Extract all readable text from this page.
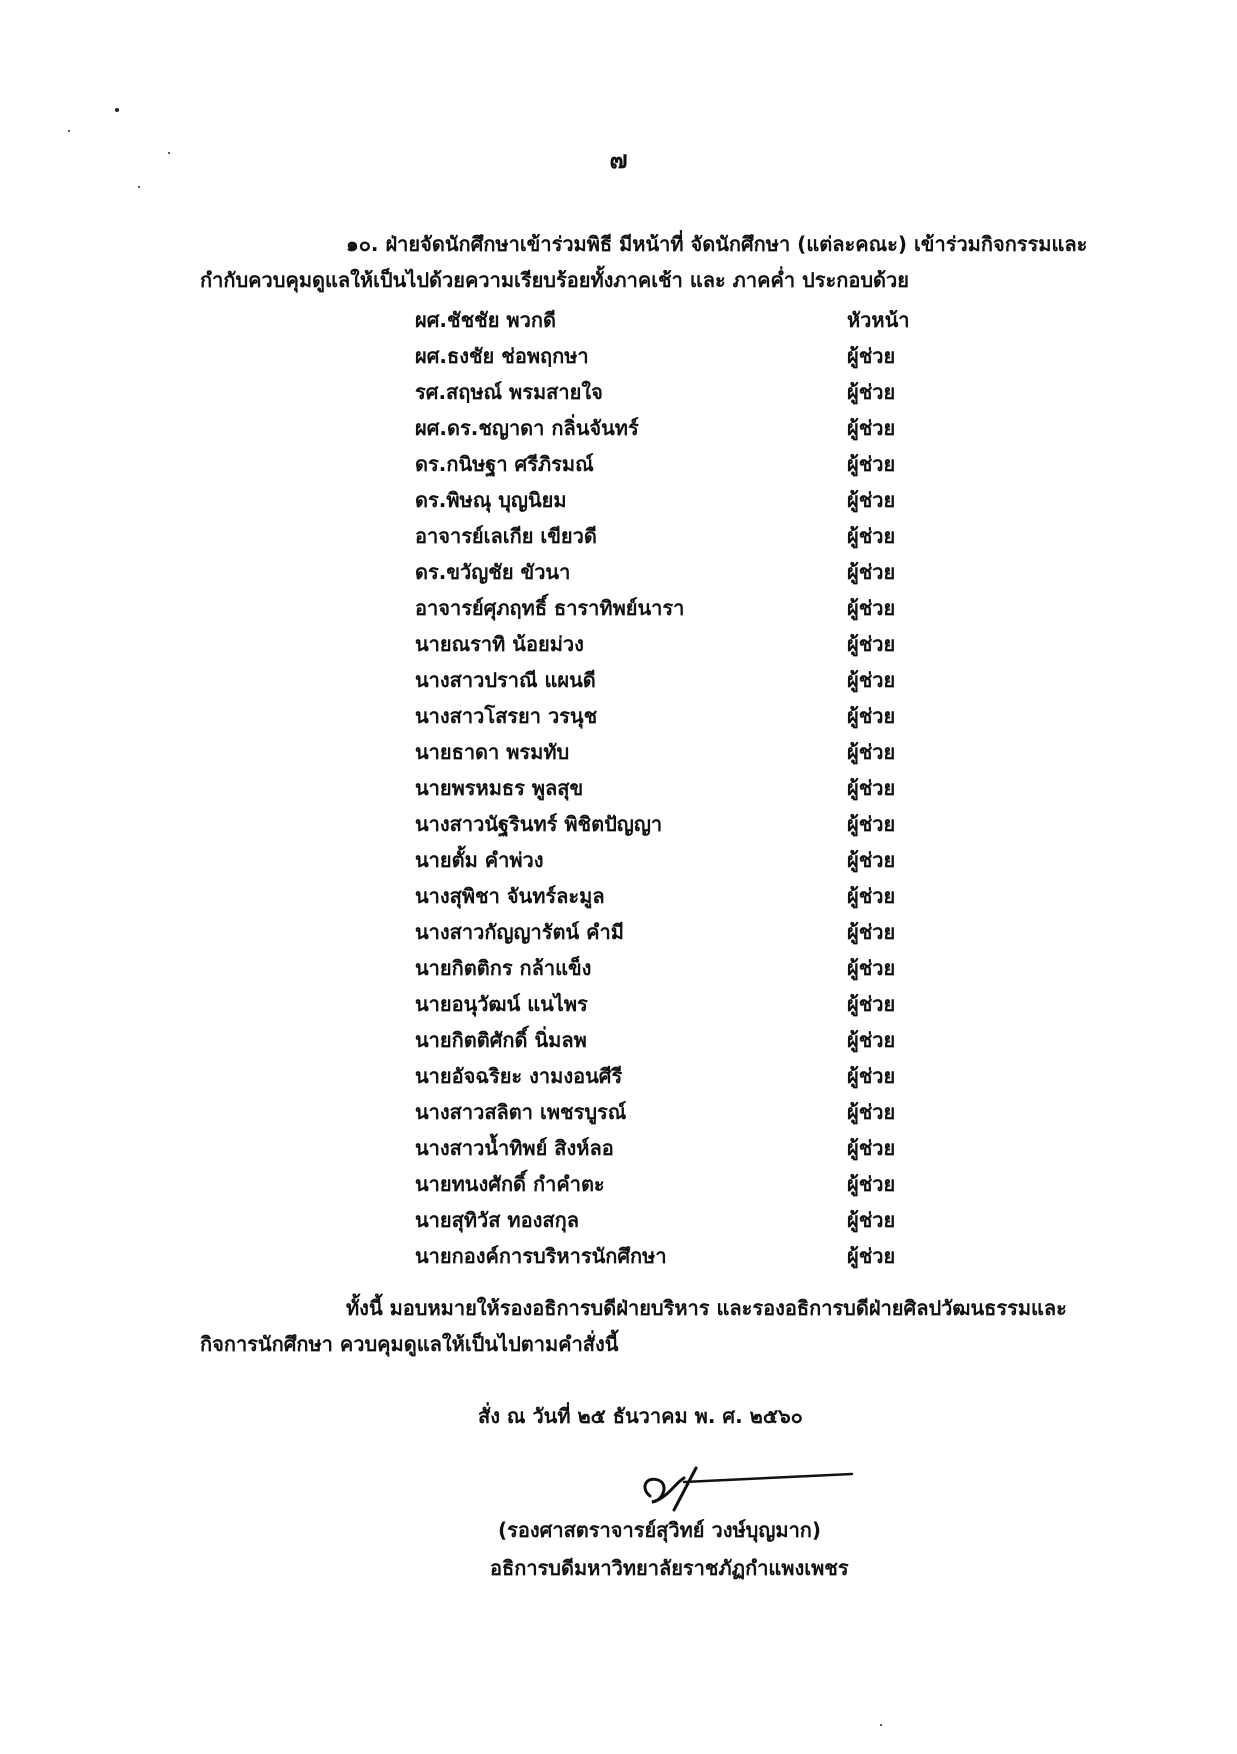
๗
๑๐. ฝ่ายจัดนักศึกษาเข้าร่วมพิธี มีหน้าที่ จัดนักศึกษา (แต่ละคณะ) เข้าร่วมกิจกรรมและ
กำกับควบคุมดูแลให้เป็นไปด้วยความเรียบร้อยทั้งภาคเช้า และ ภาคค่ำ ประกอบด้วย
ผศ.ชัชชัย พวกดี	หัวหน้า
ผศ.ธงชัย ช่อพฤกษา	ผู้ช่วย
รศ.สฤษณ์ พรมสายใจ	ผู้ช่วย
ผศ.ดร.ชญาดา กลิ่นจันทร์	ผู้ช่วย
ดร.กนิษฐา ศรีภิรมณ์	ผู้ช่วย
ดร.พิษณุ บุญนิยม	ผู้ช่วย
อาจารย์เลเกีย เขียวดี	ผู้ช่วย
ดร.ขวัญชัย ขัวนา	ผู้ช่วย
อาจารย์ศุภฤทธิ์ ธาราทิพย์นารา	ผู้ช่วย
นายณราทิ น้อยม่วง	ผู้ช่วย
นางสาวปราณี แผนดี	ผู้ช่วย
นางสาวโสรยา วรนุช	ผู้ช่วย
นายธาดา พรมทับ	ผู้ช่วย
นายพรหมธร พูลสุข	ผู้ช่วย
นางสาวนัฐรินทร์ พิชิตปัญญา	ผู้ช่วย
นายตั้ม คำพ่วง	ผู้ช่วย
นางสุพิชา จันทร์ละมูล	ผู้ช่วย
นางสาวกัญญารัตน์ คำมี	ผู้ช่วย
นายกิตติกร กล้าแข็ง	ผู้ช่วย
นายอนุวัฒน์ แนไพร	ผู้ช่วย
นายกิตติศักดิ์ นิ่มลพ	ผู้ช่วย
นายอัจฉริยะ งามงอนศีรี	ผู้ช่วย
นางสาวสลิตา เพชรบูรณ์	ผู้ช่วย
นางสาวน้ำทิพย์ สิงห์ลอ	ผู้ช่วย
นายทนงศักดิ์ กำคำตะ	ผู้ช่วย
นายสุทิวัส ทองสกุล	ผู้ช่วย
นายกองค์การบริหารนักศึกษา	ผู้ช่วย
ทั้งนี้ มอบหมายให้รองอธิการบดีฝ่ายบริหาร และรองอธิการบดีฝ่ายศิลปวัฒนธรรมและ
กิจการนักศึกษา ควบคุมดูแลให้เป็นไปตามคำสั่งนี้
สั่ง ณ วันที่ ๒๕ ธันวาคม พ. ศ. ๒๕๖๐
(รองศาสตราจารย์สุวิทย์ วงษ์บุญมาก)
อธิการบดีมหาวิทยาลัยราชภัฏกำแพงเพชร
